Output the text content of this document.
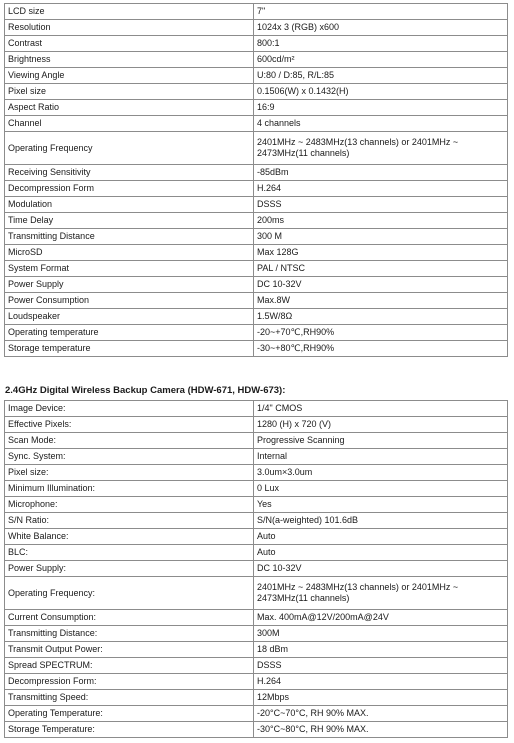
LCD size	7"
Resolution	1024x 3 (RGB) x600
Contrast	800:1
Brightness	600cd/m²
Viewing Angle	U:80 / D:85, R/L:85
Pixel size	0.1506(W) x 0.1432(H)
Aspect Ratio	16:9
Channel	4 channels
Operating Frequency	2401MHz ~ 2483MHz(13 channels) or 2401MHz ~ 2473MHz(11 channels)
Receiving Sensitivity	-85dBm
Decompression Form	H.264
Modulation	DSSS
Time Delay	200ms
Transmitting Distance	300 M
MicroSD	Max 128G
System Format	PAL / NTSC
Power Supply	DC 10-32V
Power Consumption	Max.8W
Loudspeaker	1.5W/8Ω
Operating temperature	-20~+70℃,RH90%
Storage temperature	-30~+80℃,RH90%
2.4GHz Digital Wireless Backup Camera (HDW-671, HDW-673):
Image Device:	1/4" CMOS
Effective Pixels:	1280 (H) x 720 (V)
Scan Mode:	Progressive Scanning
Sync. System:	Internal
Pixel size:	3.0um×3.0um
Minimum Illumination:	0 Lux
Microphone:	Yes
S/N Ratio:	S/N(a-weighted) 101.6dB
White Balance:	Auto
BLC:	Auto
Power Supply:	DC 10-32V
Operating Frequency:	2401MHz ~ 2483MHz(13 channels) or 2401MHz ~ 2473MHz(11 channels)
Current Consumption:	Max. 400mA@12V/200mA@24V
Transmitting Distance:	300M
Transmit Output Power:	18 dBm
Spread SPECTRUM:	DSSS
Decompression Form:	H.264
Transmitting Speed:	12Mbps
Operating Temperature:	-20°C~70°C, RH 90% MAX.
Storage Temperature:	-30°C~80°C, RH 90% MAX.
